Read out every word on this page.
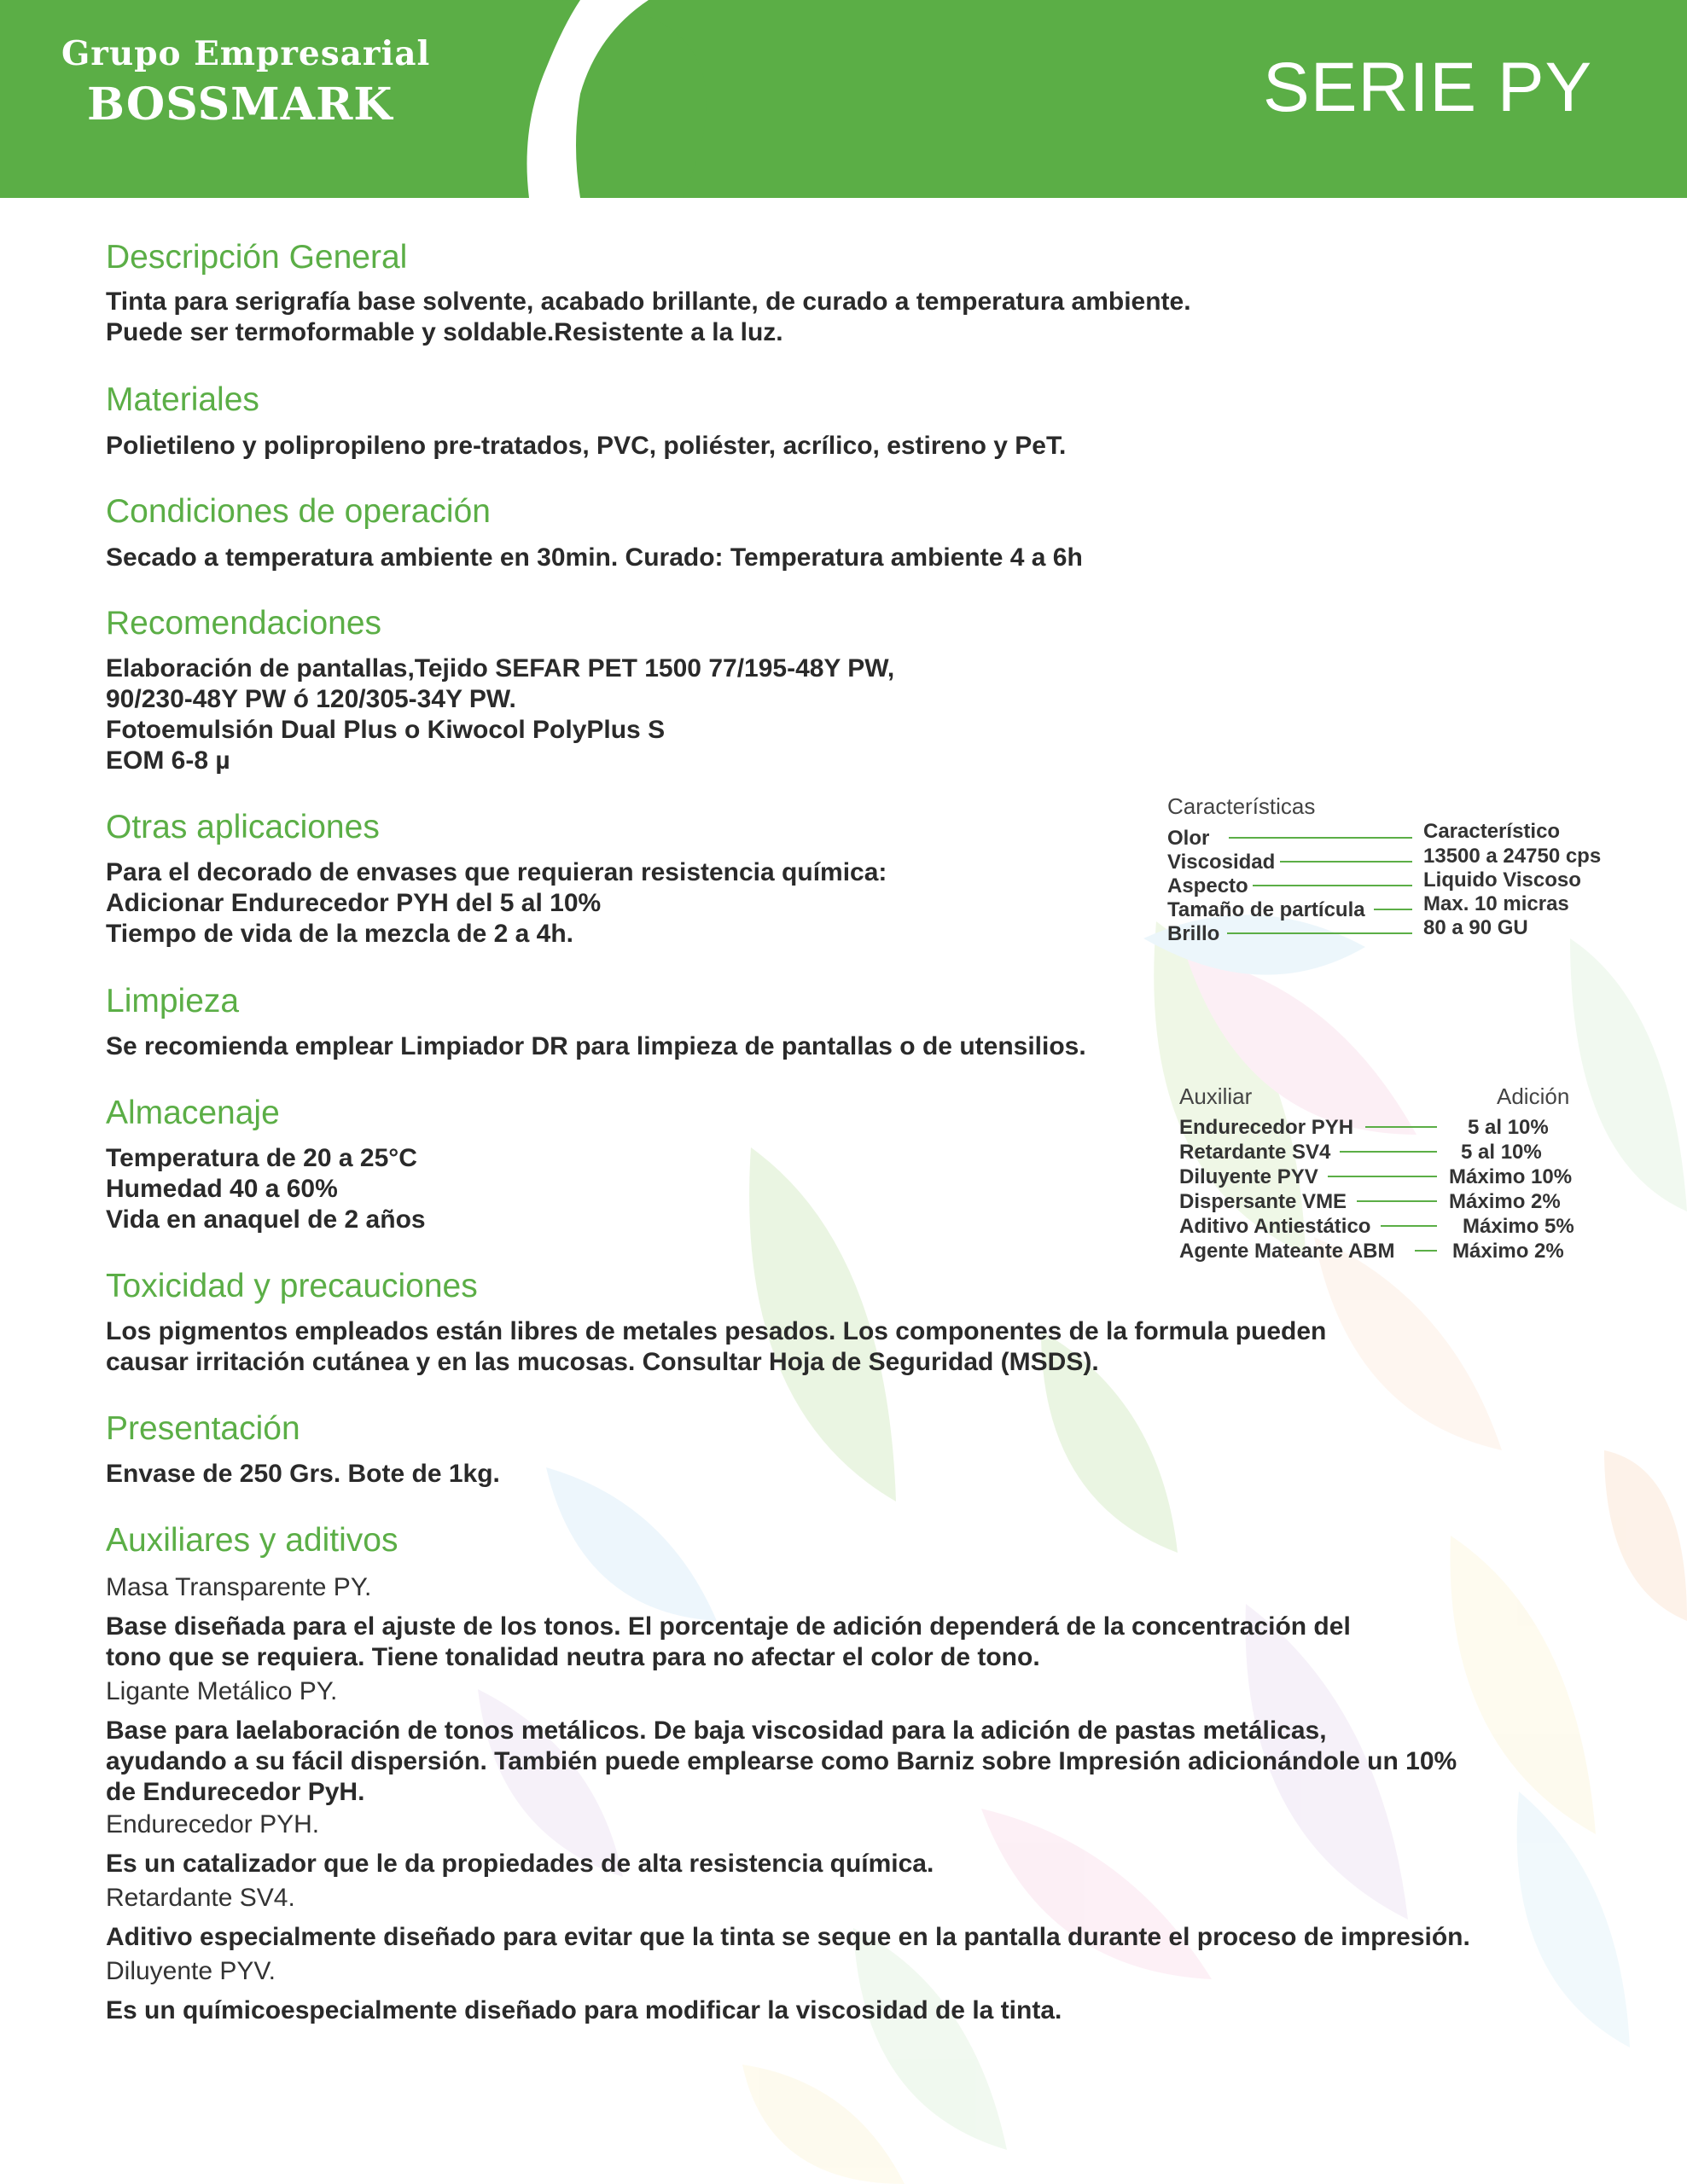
Grupo Empresarial
BOSSMARK	SERIE PY
Descripción General
Tinta para serigrafía base solvente, acabado brillante, de curado a temperatura ambiente.
Puede ser termoformable y soldable.Resistente a la luz.
Materiales
Polietileno y polipropileno pre-tratados, PVC, poliéster, acrílico, estireno y PeT.
Condiciones de operación
Secado a temperatura ambiente en 30min. Curado: Temperatura ambiente 4 a 6h
Recomendaciones
Elaboración de pantallas,Tejido SEFAR PET 1500 77/195-48Y PW,
90/230-48Y PW ó 120/305-34Y PW.
Fotoemulsión Dual Plus o Kiwocol PolyPlus S
EOM 6-8 µ
Otras aplicaciones
Para el decorado de envases que requieran resistencia química:
Adicionar Endurecedor PYH del 5 al 10%
Tiempo de vida de la mezcla de 2 a 4h.
Limpieza
Se recomienda emplear Limpiador DR para limpieza de pantallas o de utensilios.
Almacenaje
Temperatura de 20 a 25°C
Humedad 40 a 60%
Vida en anaquel de 2 años
Toxicidad y precauciones
Los pigmentos empleados están libres de metales pesados. Los componentes de la formula pueden
causar irritación cutánea y en las mucosas. Consultar Hoja de Seguridad (MSDS).
Presentación
Envase de 250 Grs. Bote de 1kg.
Auxiliares y aditivos
Masa Transparente PY.
Base diseñada para el ajuste de los tonos. El porcentaje de adición dependerá de la concentración del
tono que se requiera. Tiene tonalidad neutra para no afectar el color de tono.
Ligante Metálico PY.
Base para laelaboración de tonos metálicos. De baja viscosidad para la adición de pastas metálicas,
ayudando a su fácil dispersión. También puede emplearse como Barniz sobre Impresión adicionándole un 10%
de Endurecedor PyH.
Endurecedor PYH.
Es un catalizador que le da propiedades de alta resistencia química.
Retardante SV4.
Aditivo especialmente diseñado para evitar que la tinta se seque en la pantalla durante el proceso de impresión.
Diluyente PYV.
Es un químicoespecialmente diseñado para modificar la viscosidad de la tinta.
Características
Olor	Característico
Viscosidad	13500 a 24750 cps
Aspecto	Liquido Viscoso
Tamaño de partícula	Max. 10 micras
Brillo	80 a 90 GU
Auxiliar	Adición
Endurecedor PYH	5 al 10%
Retardante SV4	5 al 10%
Diluyente PYV	Máximo 10%
Dispersante VME	Máximo 2%
Aditivo Antiestático	Máximo 5%
Agente Mateante ABM	Máximo 2%
